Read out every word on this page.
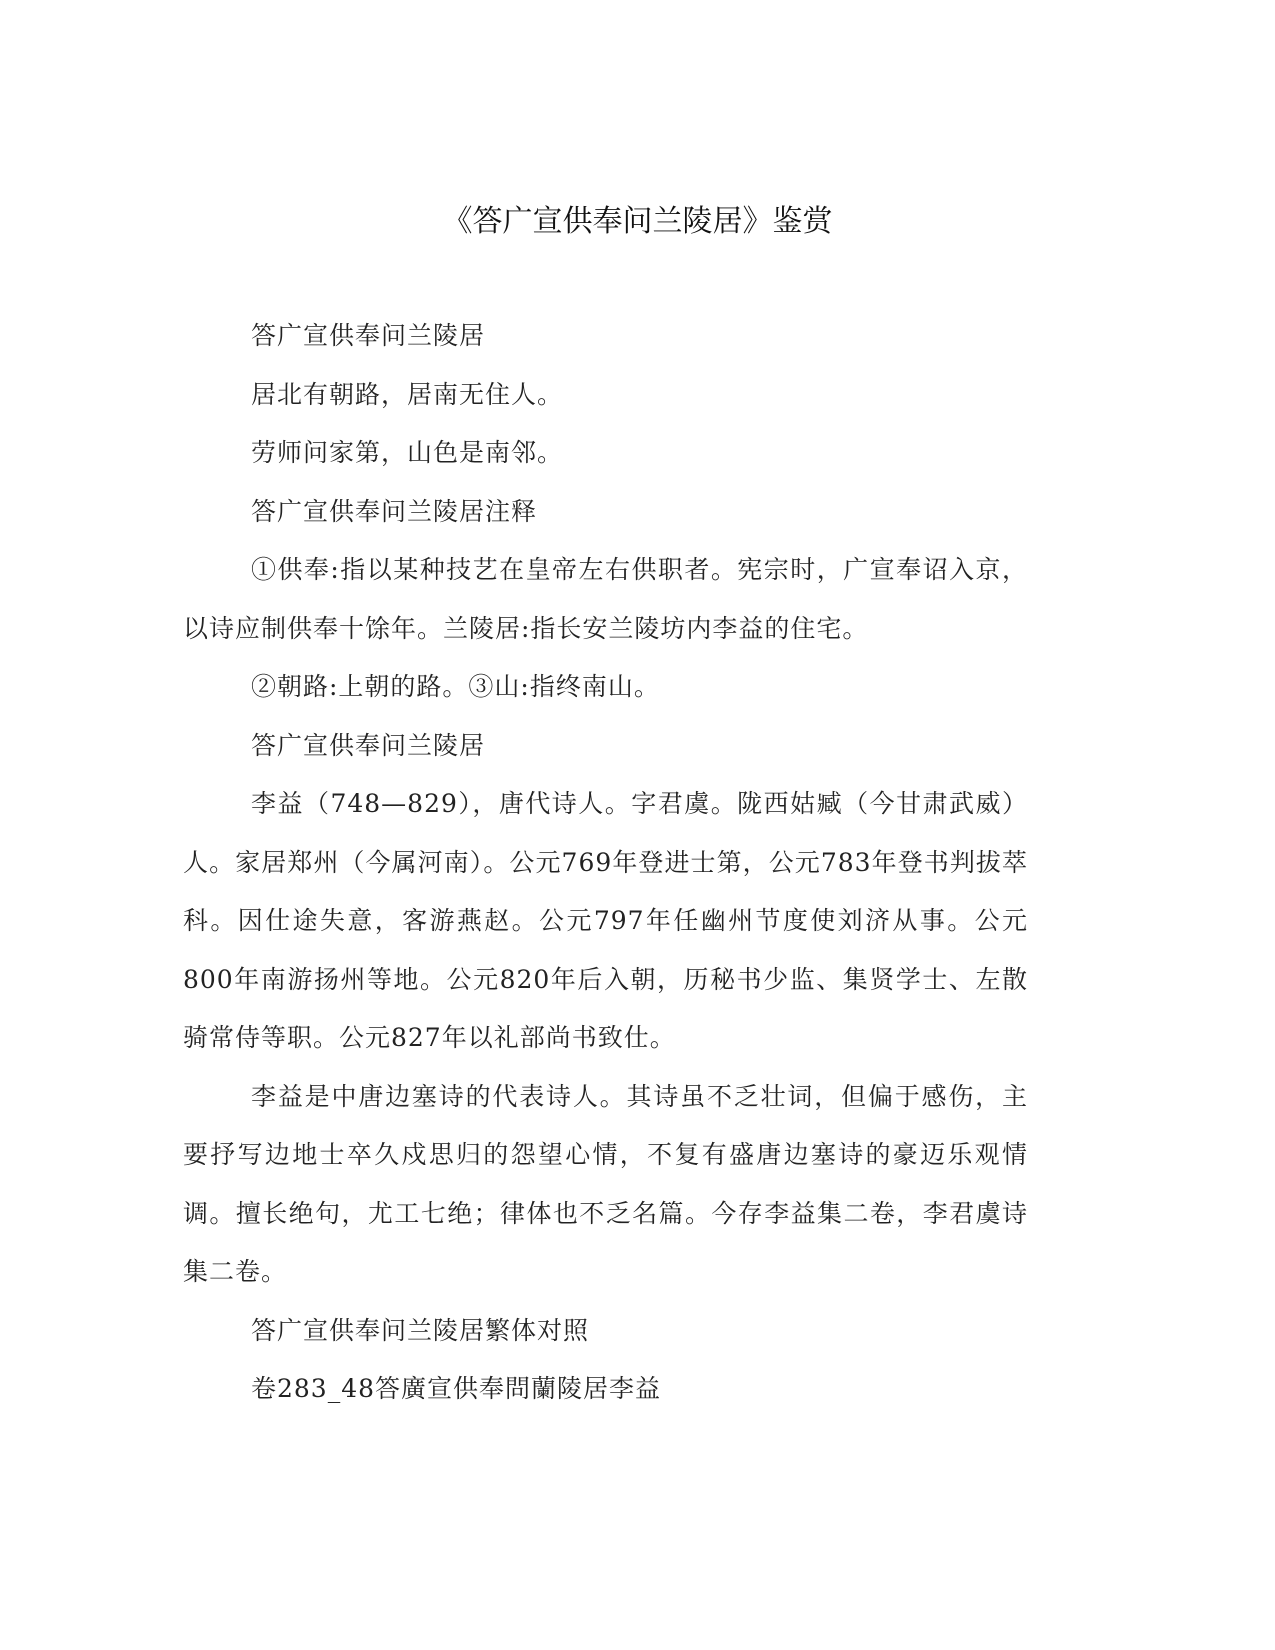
《答广宣供奉问兰陵居》鉴赏

答广宣供奉问兰陵居

居北有朝路，居南无住人。

劳师问家第，山色是南邻。

答广宣供奉问兰陵居注释

①供奉:指以某种技艺在皇帝左右供职者。宪宗时，广宣奉诏入京，以诗应制供奉十馀年。兰陵居:指长安兰陵坊内李益的住宅。

②朝路:上朝的路。③山:指终南山。

答广宣供奉问兰陵居

李益（748—829），唐代诗人。字君虞。陇西姑臧（今甘肃武威）人。家居郑州（今属河南）。公元769年登进士第，公元783年登书判拔萃科。因仕途失意，客游燕赵。公元797年任幽州节度使刘济从事。公元800年南游扬州等地。公元820年后入朝，历秘书少监、集贤学士、左散骑常侍等职。公元827年以礼部尚书致仕。

李益是中唐边塞诗的代表诗人。其诗虽不乏壮词，但偏于感伤，主要抒写边地士卒久戍思归的怨望心情，不复有盛唐边塞诗的豪迈乐观情调。擅长绝句，尤工七绝；律体也不乏名篇。今存李益集二卷，李君虞诗集二卷。

答广宣供奉问兰陵居繁体对照

卷283_48答廣宣供奉問蘭陵居李益
